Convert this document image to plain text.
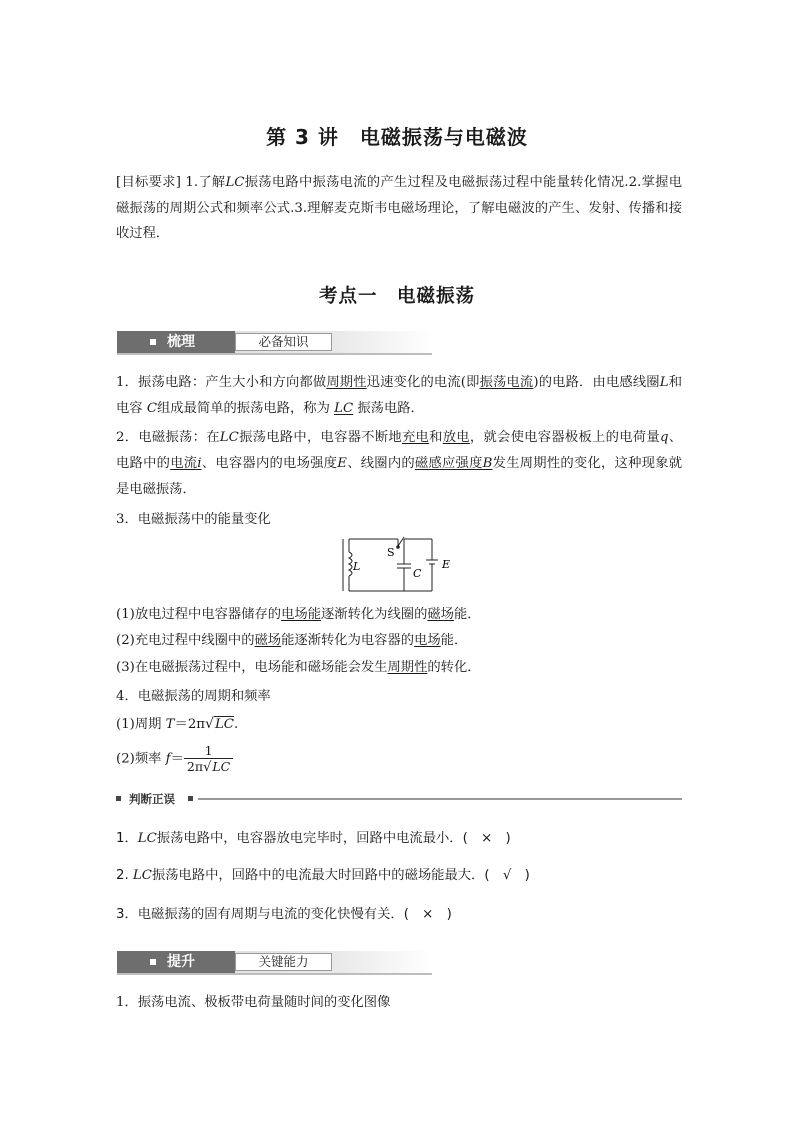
第 3 讲　电磁振荡与电磁波
[目标要求] 1.了解LC振荡电路中振荡电流的产生过程及电磁振荡过程中能量转化情况.2.掌握电磁振荡的周期公式和频率公式.3.理解麦克斯韦电磁场理论，了解电磁波的产生、发射、传播和接收过程．
考点一　电磁振荡
梳理	必备知识
1．振荡电路：产生大小和方向都做周期性迅速变化的电流(即振荡电流)的电路．由电感线圈L和电容 C组成最简单的振荡电路，称为 LC 振荡电路．
2．电磁振荡：在LC振荡电路中，电容器不断地充电和放电，就会使电容器极板上的电荷量q、电路中的电流i、电容器内的电场强度E、线圈内的磁感应强度B发生周期性的变化，这种现象就是电磁振荡．
3．电磁振荡中的能量变化
L
S
C
E
(1)放电过程中电容器储存的电场能逐渐转化为线圈的磁场能．
(2)充电过程中线圈中的磁场能逐渐转化为电容器的电场能．
(3)在电磁振荡过程中，电场能和磁场能会发生周期性的转化．
4．电磁振荡的周期和频率
(1)周期 T＝2π√LC.
(2)频率 $f= \frac{1}{2\pi√LC}$
判断正误
1．LC振荡电路中，电容器放电完毕时，回路中电流最小．(　×　)
2. LC振荡电路中，回路中的电流最大时回路中的磁场能最大．(　√　)
3．电磁振荡的固有周期与电流的变化快慢有关．(　×　)
提升	关键能力
1．振荡电流、极板带电荷量随时间的变化图像
